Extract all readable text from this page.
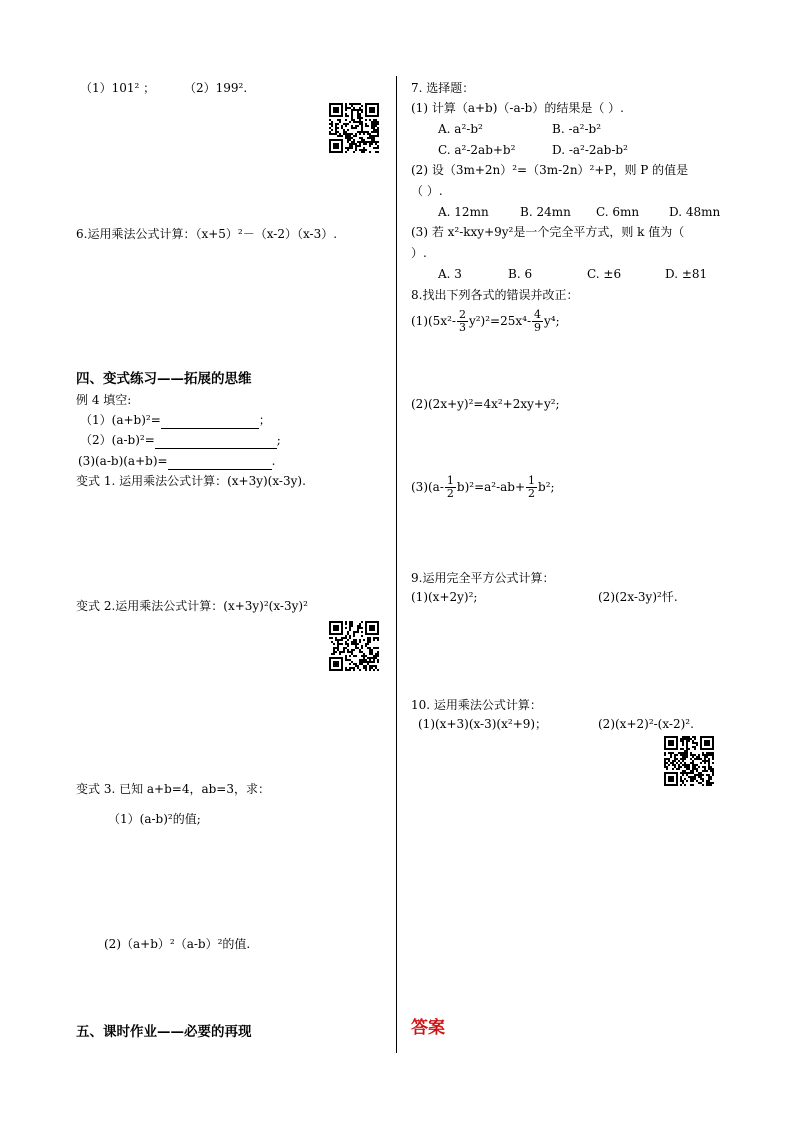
（1）101² ； （2）199².
6.运用乘法公式计算：（x+5）²－（x-2）（x-3）.
四、变式练习——拓展的思维
例 4 填空:
（1）(a+b)²=	；
（2）(a-b)²=	;
(3)(a-b)(a+b)=	.
变式 1. 运用乘法公式计算：(x+3y)(x-3y).
变式 2.运用乘法公式计算：(x+3y)²(x-3y)²
变式 3. 已知 a+b=4，ab=3，求：
（1）(a-b)²的值;
(2)（a+b）²（a-b）²的值.
五、课时作业——必要的再现
7. 选择题：
(1) 计算（a+b)（-a-b）的结果是（ ）.
A. a²-b²	B. -a²-b²
C. a²-2ab+b²	D. -a²-2ab-b²
(2) 设（3m+2n）²=（3m-2n）²+P，则 P 的值是
（ ）.
A. 12mn	B. 24mn C. 6mn D. 48mn
(3) 若 x²-kxy+9y²是一个完全平方式，则 k 值为（
）.
A. 3	B. 6	C. ±6	D. ±81
8.找出下列各式的错误并改正：
$(1)(5x^2- \frac{2}{3} y^2)^2=25x^4- \frac{4}{9} y^4$;
(2)(2x+y)²=4x²+2xy+y²;
$(3)(a- \frac{1}{2} b)^2=a^2-ab+ \frac{1}{2} b^2$;
9.运用完全平方公式计算：
(1)(x+2y)²;	(2)(2x-3y)²忏.
10. 运用乘法公式计算：
(1)(x+3)(x-3)(x²+9)；	(2)(x+2)²-(x-2)².
答案
